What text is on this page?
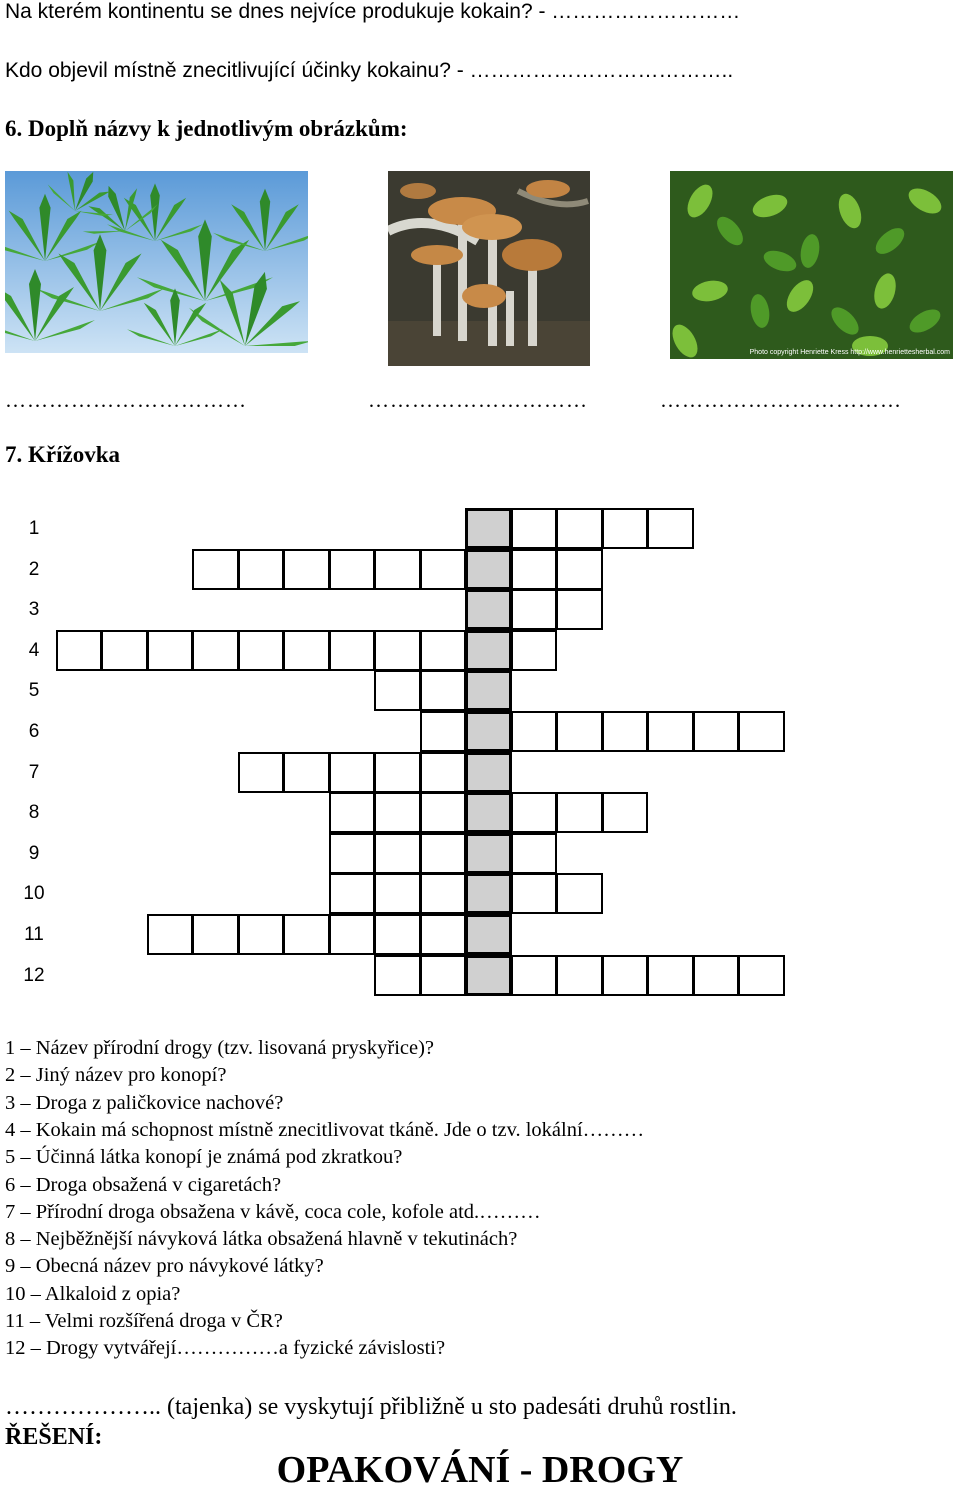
Na kterém kontinentu se dnes nejvíce produkuje kokain? - ………………………
Kdo objevil místně znecitlivující účinky kokainu? - ………………………………..
6. Doplň názvy k jednotlivým obrázkům:
Photo copyright Henriette Kress http://www.henriettesherbal.com
……………………………	…………………………	……………………………
7. Křížovka
1
2
3
4
5
6
7
8
9
10
11
12
1 – Název přírodní drogy (tzv. lisovaná pryskyřice)?
2 – Jiný název pro konopí?
3 – Droga z paličkovice nachové?
4 – Kokain má schopnost místně znecitlivovat tkáně. Jde o tzv. lokální………
5 – Účinná látka konopí je známá pod zkratkou?
6 – Droga obsažená v cigaretách?
7 – Přírodní droga obsažena v kávě, coca cole, kofole atd.………
8 – Nejběžnější návyková látka obsažená hlavně v tekutinách?
9 – Obecná název pro návykové látky?
10 – Alkaloid z opia?
11 – Velmi rozšířená droga v ČR?
12 – Drogy vytvářejí……………a fyzické závislosti?
……………….. (tajenka) se vyskytují přibližně u sto padesáti druhů rostlin.
ŘEŠENÍ:
OPAKOVÁNÍ - DROGY
